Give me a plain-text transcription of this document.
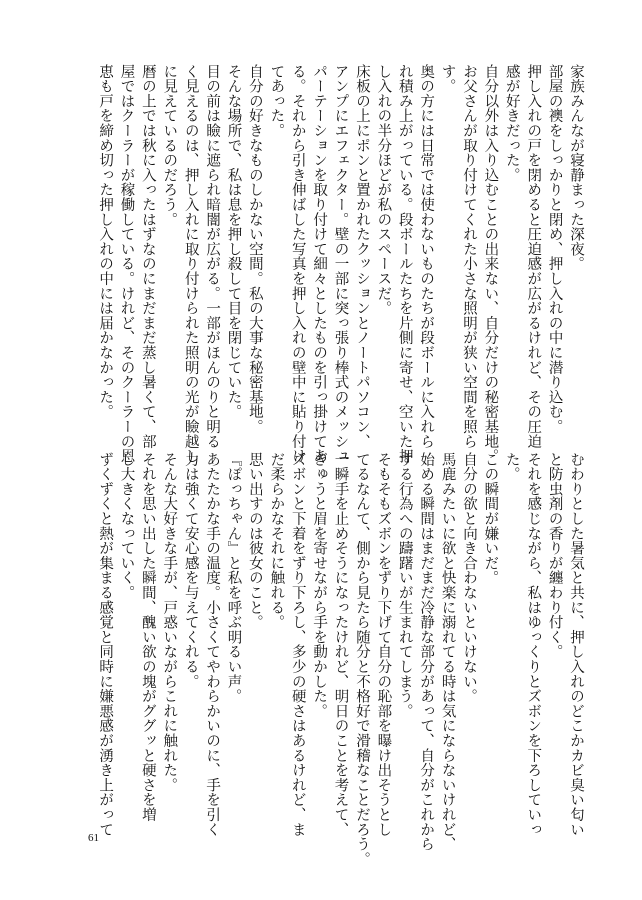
家族みんなが寝静まった深夜。
部屋の襖をしっかりと閉め、押し入れの中に潜り込む。
押し入れの戸を閉めると圧迫感が広がるけれど、その圧迫
感が好きだった。
自分以外は入り込むことの出来ない、自分だけの秘密基地。
お父さんが取り付けてくれた小さな照明が狭い空間を照ら
す。
奥の方には日常では使わないものたちが段ボールに入れら
れ積み上がっている。段ボールたちを片側に寄せ、空いた押
し入れの半分ほどが私のスペースだ。
床板の上にポンと置かれたクッションとノートパソコン、
アンプにエフェクター。壁の一部に突っ張り棒式のメッシュ
パーテーションを取り付けて細々としたものを引っ掛けてあ
る。それから引き伸ばした写真を押し入れの壁中に貼り付け
てあった。
自分の好きなものしかない空間。私の大事な秘密基地。
そんな場所で、私は息を押し殺して目を閉じていた。
目の前は瞼に遮られ暗闇が広がる。一部がほんのりと明る
く見えるのは、押し入れに取り付けられた照明の光が瞼越し
に見えているのだろう。
暦の上では秋に入ったはずなのにまだまだ蒸し暑くて、部
屋ではクーラーが稼働している。けれど、そのクーラーの恩
恵も戸を締め切った押し入れの中には届かなかった。
むわりとした暑気と共に、押し入れのどこかカビ臭い匂い
と防虫剤の香りが纏わり付く。
それを感じながら、私はゆっくりとズボンを下ろしていっ
た。
この瞬間が嫌いだ。
自分の欲と向き合わないといけない。
馬鹿みたいに欲と快楽に溺れてる時は気にならないけれど、
始める瞬間はまだまだ冷静な部分があって、自分がこれから
する行為への躊躇いが生まれてしまう。
そもそもズボンをずり下げて自分の恥部を曝け出そうとし
てるなんて、側から見たら随分と不格好で滑稽なことだろう。
一瞬手を止めそうになったけれど、明日のことを考えて、
ぎゅうと眉を寄せながら手を動かした。
ズボンと下着をずり下ろし、多少の硬さはあるけれど、ま
だ柔らかなそれに触れる。
思い出すのは彼女のこと。
『ぽっちゃん』と私を呼ぶ明るい声。
あたたかな手の温度。小さくてやわらかいのに、手を引く
力は強くて安心感を与えてくれる。
そんな大好きな手が、戸惑いながらこれに触れた。
それを思い出した瞬間、醜い欲の塊がググッと硬さを増
し大きくなっていく。
ずくずくと熱が集まる感覚と同時に嫌悪感が湧き上がって
61
